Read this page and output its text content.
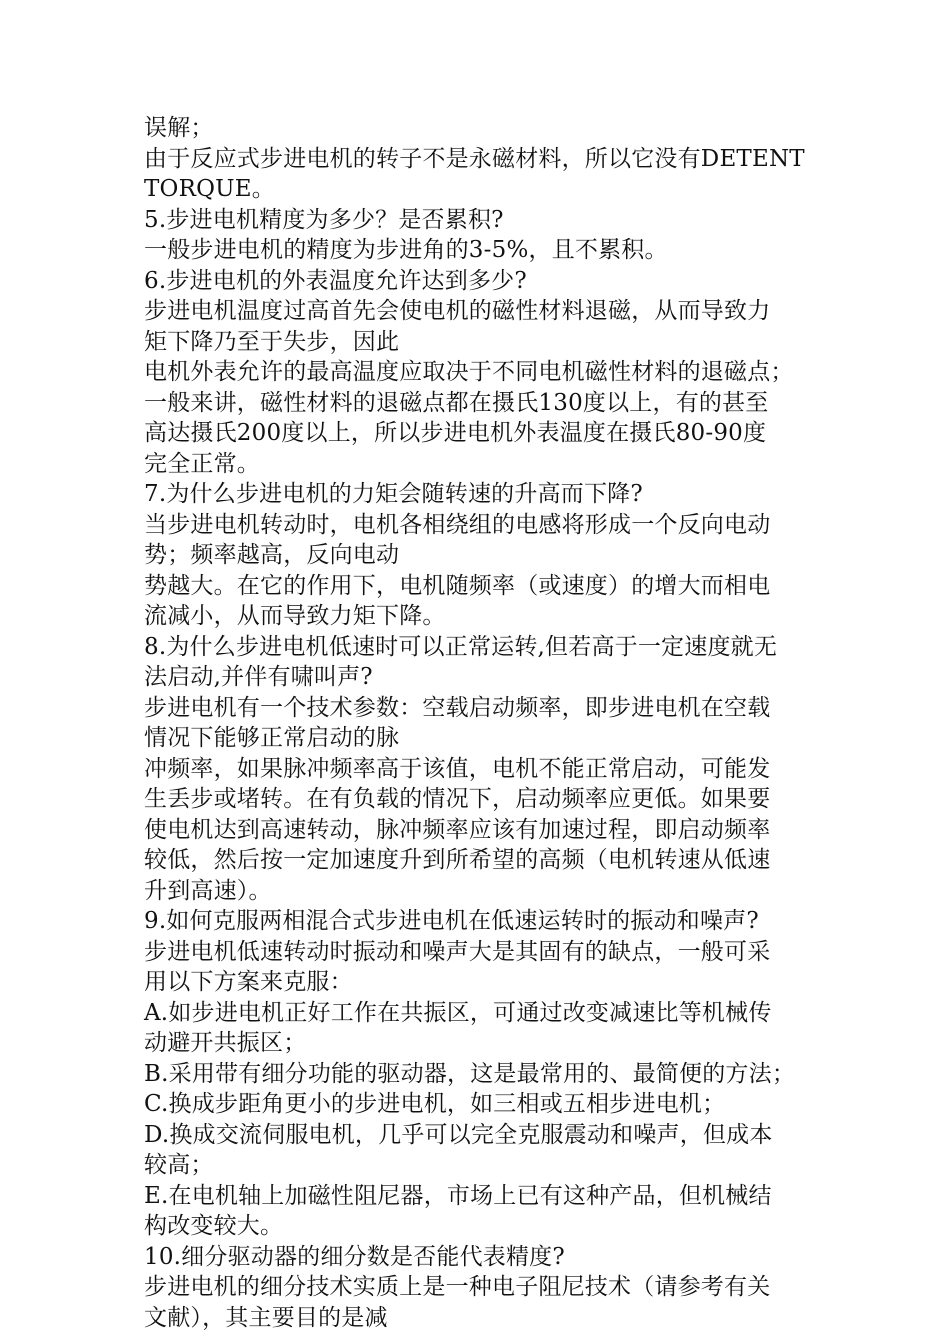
误解；

由于反应式步进电机的转子不是永磁材料，所以它没有DETENT

TORQUE。

5.步进电机精度为多少？是否累积?

一般步进电机的精度为步进角的3-5%，且不累积。

6.步进电机的外表温度允许达到多少?

步进电机温度过高首先会使电机的磁性材料退磁，从而导致力

矩下降乃至于失步，因此

电机外表允许的最高温度应取决于不同电机磁性材料的退磁点；

一般来讲，磁性材料的退磁点都在摄氏130度以上，有的甚至

高达摄氏200度以上，所以步进电机外表温度在摄氏80-90度

完全正常。

7.为什么步进电机的力矩会随转速的升高而下降?

当步进电机转动时，电机各相绕组的电感将形成一个反向电动

势；频率越高，反向电动

势越大。在它的作用下，电机随频率（或速度）的增大而相电

流减小，从而导致力矩下降。

8.为什么步进电机低速时可以正常运转,但若高于一定速度就无

法启动,并伴有啸叫声?

步进电机有一个技术参数：空载启动频率，即步进电机在空载

情况下能够正常启动的脉

冲频率，如果脉冲频率高于该值，电机不能正常启动，可能发

生丢步或堵转。在有负载的情况下，启动频率应更低。如果要

使电机达到高速转动，脉冲频率应该有加速过程，即启动频率

较低，然后按一定加速度升到所希望的高频（电机转速从低速

升到高速）。

9.如何克服两相混合式步进电机在低速运转时的振动和噪声?

步进电机低速转动时振动和噪声大是其固有的缺点，一般可采

用以下方案来克服：

A.如步进电机正好工作在共振区，可通过改变减速比等机械传

动避开共振区；

B.采用带有细分功能的驱动器，这是最常用的、最简便的方法；

C.换成步距角更小的步进电机，如三相或五相步进电机；

D.换成交流伺服电机，几乎可以完全克服震动和噪声，但成本

较高；

E.在电机轴上加磁性阻尼器，市场上已有这种产品，但机械结

构改变较大。

10.细分驱动器的细分数是否能代表精度?

步进电机的细分技术实质上是一种电子阻尼技术（请参考有关

文献），其主要目的是减
